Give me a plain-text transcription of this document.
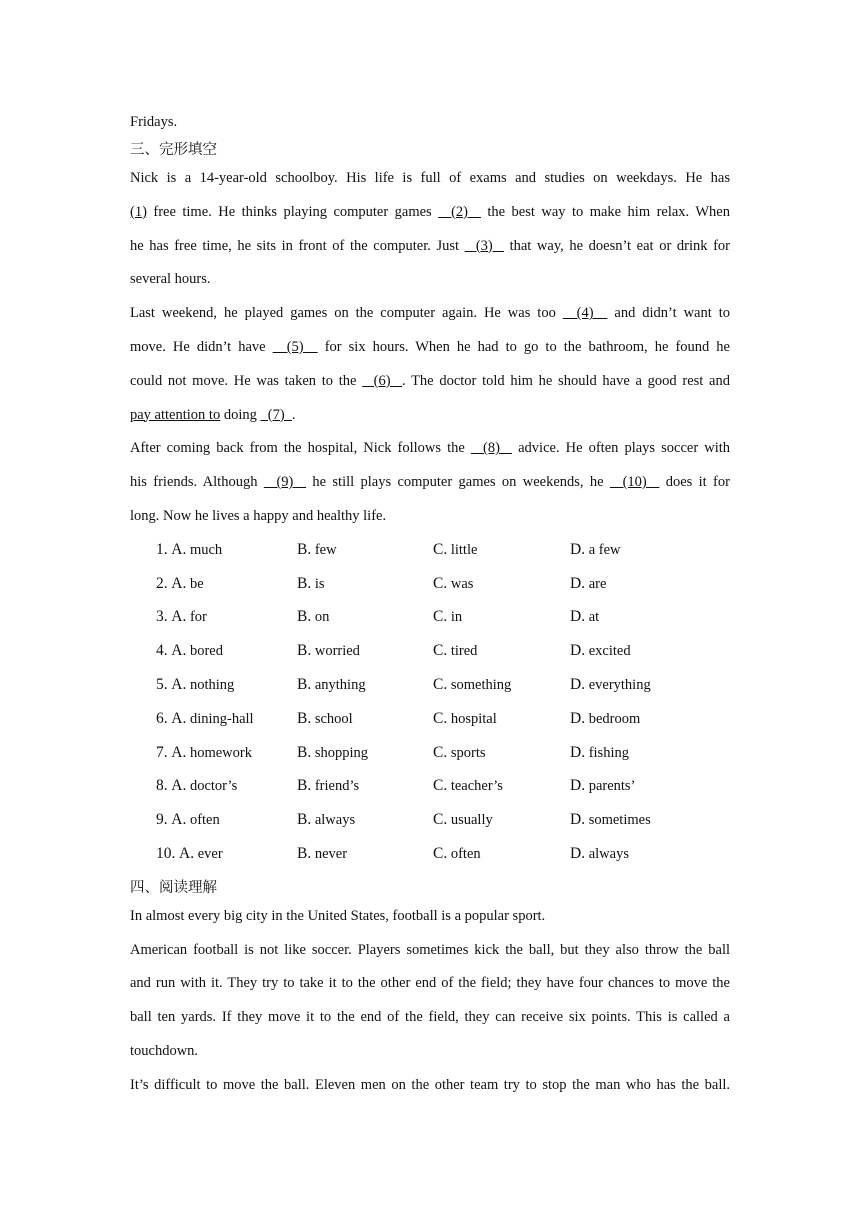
Fridays.
三、完形填空
Nick is a 14-year-old schoolboy. His life is full of exams and studies on weekdays. He has
(1) free time. He thinks playing computer games   (2)   the best way to make him relax. When
he has free time, he sits in front of the computer. Just   (3)   that way, he doesn’t eat or drink for
several hours.
Last weekend, he played games on the computer again. He was too   (4)   and didn’t want to
move. He didn’t have   (5)   for six hours. When he had to go to the bathroom, he found he
could not move. He was taken to the   (6)  . The doctor told him he should have a good rest and
pay attention to doing   (7)  .
After coming back from the hospital, Nick follows the   (8)   advice. He often plays soccer with
his friends. Although   (9)   he still plays computer games on weekends, he   (10)   does it for
long. Now he lives a happy and healthy life.
1. A. much	B. few	C. little	D. a few
2. A. be	B. is	C. was	D. are
3. A. for	B. on	C. in	D. at
4. A. bored	B. worried	C. tired	D. excited
5. A. nothing	B. anything	C. something	D. everything
6. A. dining-hall	B. school	C. hospital	D. bedroom
7. A. homework	B. shopping	C. sports	D. fishing
8. A. doctor’s	B. friend’s	C. teacher’s	D. parents’
9. A. often	B. always	C. usually	D. sometimes
10. A. ever	B. never	C. often	D. always
四、阅读理解
In almost every big city in the United States, football is a popular sport.
American football is not like soccer. Players sometimes kick the ball, but they also throw the ball
and run with it. They try to take it to the other end of the field; they have four chances to move the
ball ten yards. If they move it to the end of the field, they can receive six points. This is called a
touchdown.
It’s difficult to move the ball. Eleven men on the other team try to stop the man who has the ball.
